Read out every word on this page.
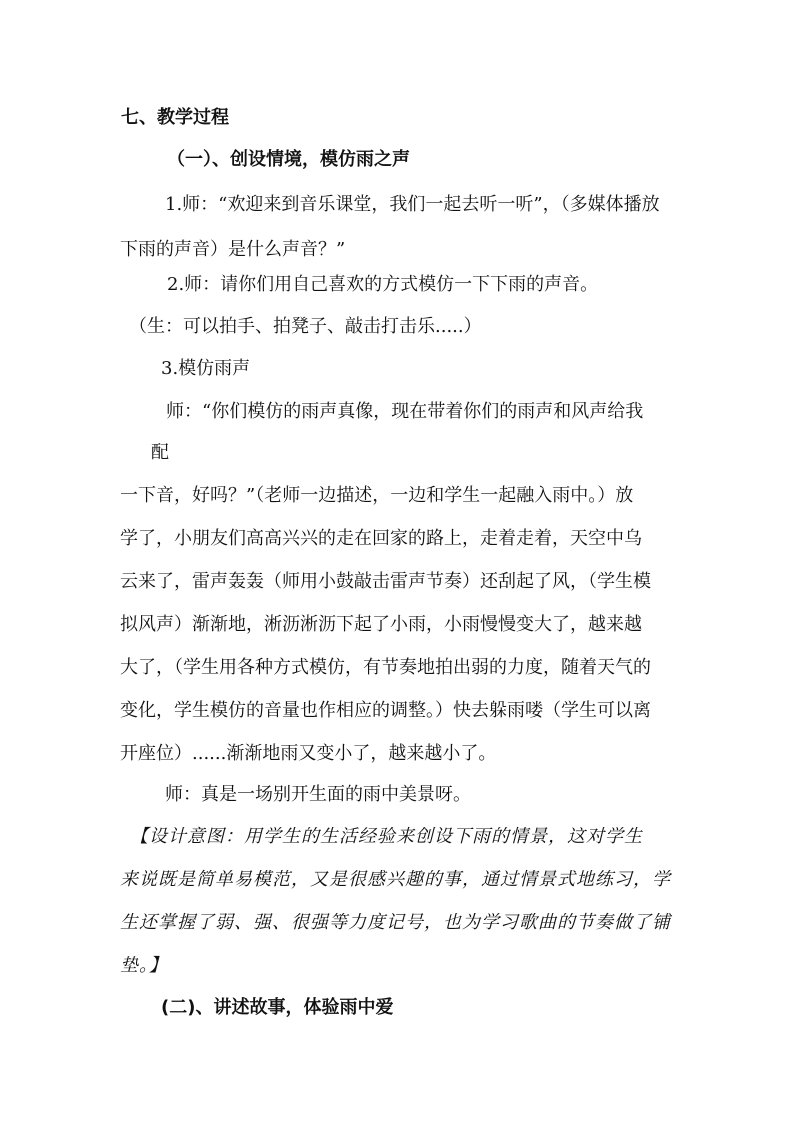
七、教学过程
（一）、创设情境，模仿雨之声
1.师：“欢迎来到音乐课堂，我们一起去听一听”，（多媒体播放
下雨的声音）是什么声音？”
2.师：请你们用自己喜欢的方式模仿一下下雨的声音。
（生：可以拍手、拍凳子、敲击打击乐.....）
3.模仿雨声
师：“你们模仿的雨声真像，现在带着你们的雨声和风声给我
配
一下音，好吗？”（老师一边描述，一边和学生一起融入雨中。）放
学了，小朋友们高高兴兴的走在回家的路上，走着走着，天空中乌
云来了，雷声轰轰（师用小鼓敲击雷声节奏）还刮起了风，（学生模
拟风声）渐渐地，淅沥淅沥下起了小雨，小雨慢慢变大了，越来越
大了，（学生用各种方式模仿，有节奏地拍出弱的力度，随着天气的
变化，学生模仿的音量也作相应的调整。）快去躲雨喽（学生可以离
开座位）......渐渐地雨又变小了，越来越小了。
师：真是一场别开生面的雨中美景呀。
【设计意图：用学生的生活经验来创设下雨的情景，这对学生
来说既是简单易模范，又是很感兴趣的事，通过情景式地练习，学
生还掌握了弱、强、很强等力度记号，也为学习歌曲的节奏做了铺
垫。】
(二)、讲述故事，体验雨中爱
